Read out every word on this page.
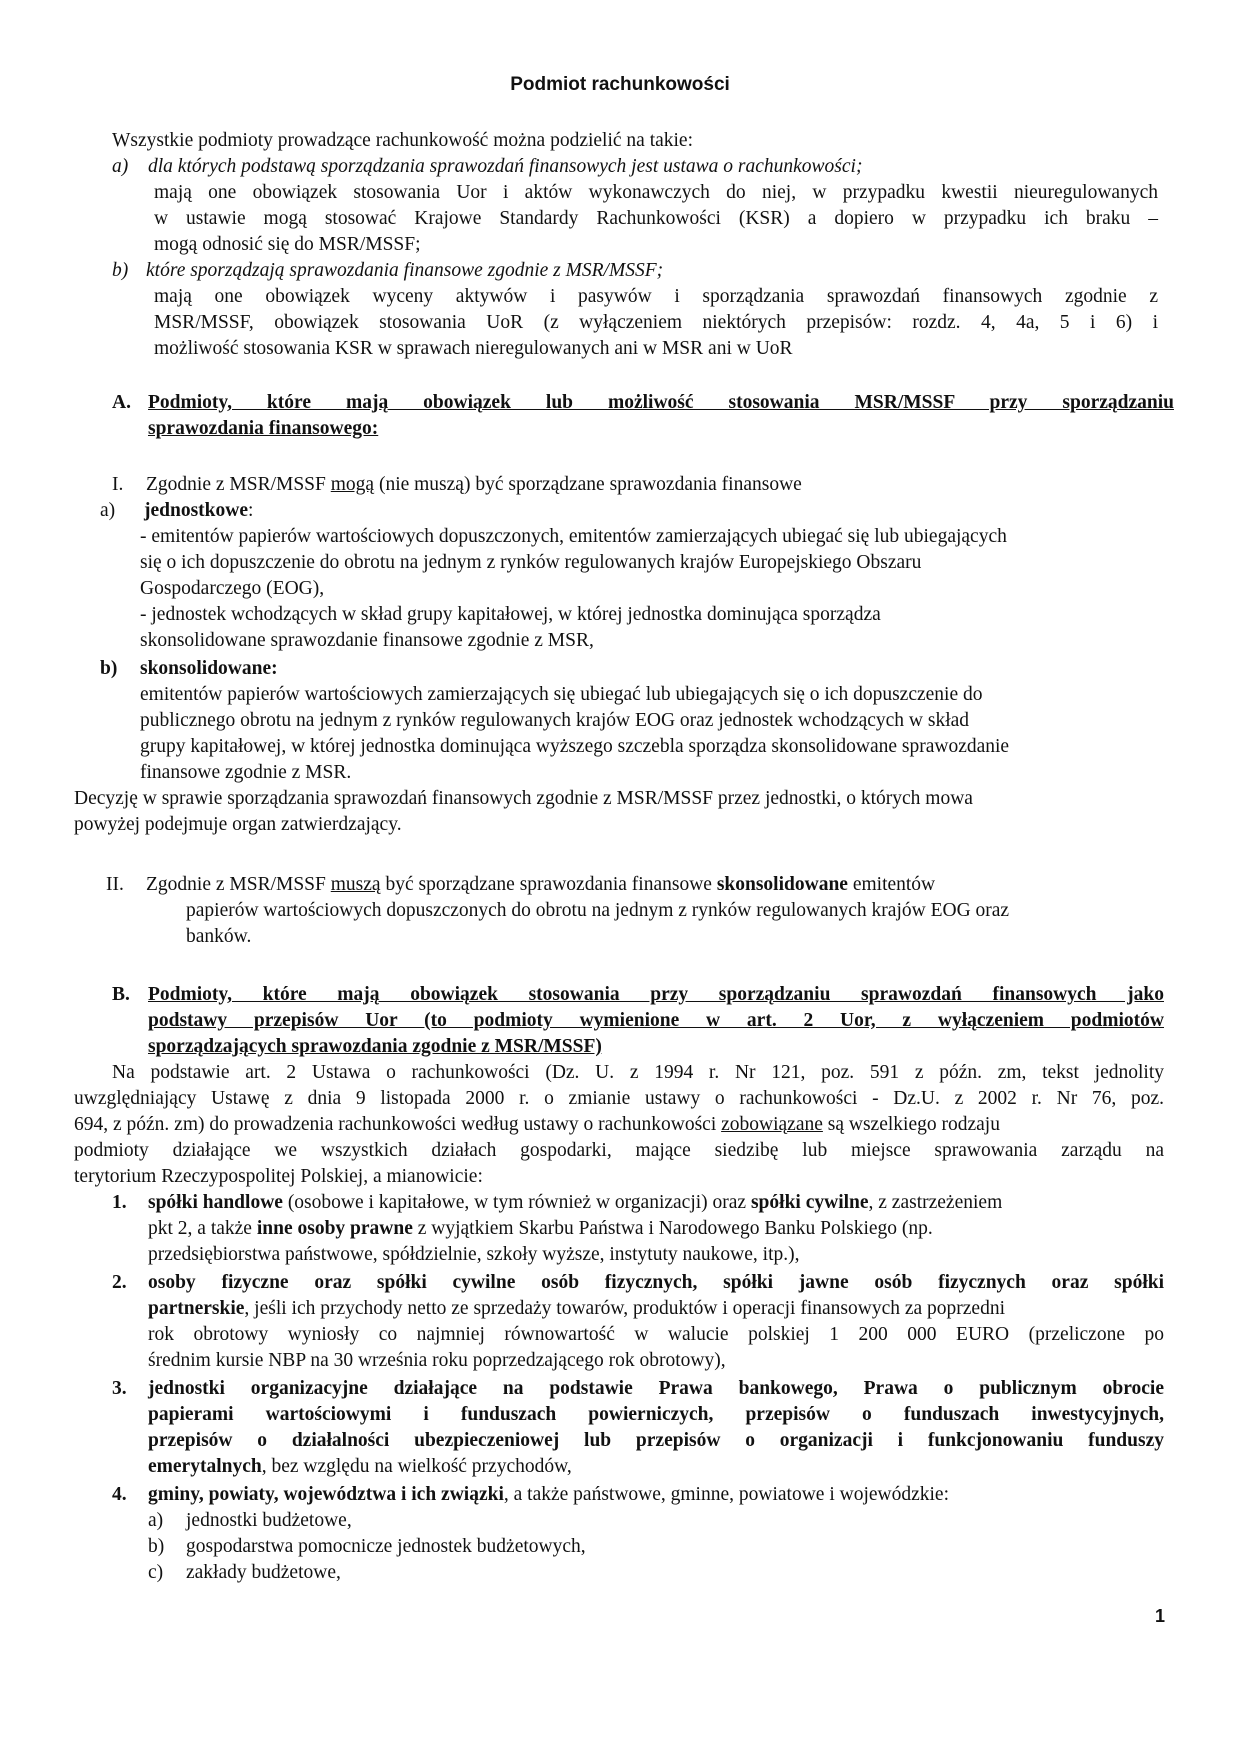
Podmiot rachunkowości
Wszystkie podmioty prowadzące rachunkowość można podzielić na takie:
a) dla których podstawą sporządzania sprawozdań finansowych jest ustawa o rachunkowości;
mają one obowiązek stosowania Uor i aktów wykonawczych do niej, w przypadku kwestii nieuregulowanych
w ustawie mogą stosować Krajowe Standardy Rachunkowości (KSR) a dopiero w przypadku ich braku –
mogą odnosić się do MSR/MSSF;
b) które sporządzają sprawozdania finansowe zgodnie z MSR/MSSF;
mają one obowiązek wyceny aktywów i pasywów i sporządzania sprawozdań finansowych zgodnie z
MSR/MSSF, obowiązek stosowania UoR (z wyłączeniem niektórych przepisów: rozdz. 4, 4a, 5 i 6) i
możliwość stosowania KSR w sprawach nieregulowanych ani w MSR ani w UoR
A. Podmioty, które mają obowiązek lub możliwość stosowania MSR/MSSF przy sporządzaniu
sprawozdania finansowego:
I. Zgodnie z MSR/MSSF mogą (nie muszą) być sporządzane sprawozdania finansowe
a) jednostkowe:
- emitentów papierów wartościowych dopuszczonych, emitentów zamierzających ubiegać się lub ubiegających
się o ich dopuszczenie do obrotu na jednym z rynków regulowanych krajów Europejskiego Obszaru
Gospodarczego (EOG),
- jednostek wchodzących w skład grupy kapitałowej, w której jednostka dominująca sporządza
skonsolidowane sprawozdanie finansowe zgodnie z MSR,
b) skonsolidowane:
emitentów papierów wartościowych zamierzających się ubiegać lub ubiegających się o ich dopuszczenie do
publicznego obrotu na jednym z rynków regulowanych krajów EOG oraz jednostek wchodzących w skład
grupy kapitałowej, w której jednostka dominująca wyższego szczebla sporządza skonsolidowane sprawozdanie
finansowe zgodnie z MSR.
Decyzję w sprawie sporządzania sprawozdań finansowych zgodnie z MSR/MSSF przez jednostki, o których mowa
powyżej podejmuje organ zatwierdzający.
II. Zgodnie z MSR/MSSF muszą być sporządzane sprawozdania finansowe skonsolidowane emitentów
papierów wartościowych dopuszczonych do obrotu na jednym z rynków regulowanych krajów EOG oraz
banków.
B. Podmioty, które mają obowiązek stosowania przy sporządzaniu sprawozdań finansowych jako
podstawy przepisów Uor (to podmioty wymienione w art. 2 Uor, z wyłączeniem podmiotów
sporządzających sprawozdania zgodnie z MSR/MSSF)
Na podstawie art. 2 Ustawa o rachunkowości (Dz. U. z 1994 r. Nr 121, poz. 591 z późn. zm, tekst jednolity
uwzględniający Ustawę z dnia 9 listopada 2000 r. o zmianie ustawy o rachunkowości - Dz.U. z 2002 r. Nr 76, poz.
694, z późn. zm) do prowadzenia rachunkowości według ustawy o rachunkowości zobowiązane są wszelkiego rodzaju
podmioty działające we wszystkich działach gospodarki, mające siedzibę lub miejsce sprawowania zarządu na
terytorium Rzeczypospolitej Polskiej, a mianowicie:
1. spółki handlowe (osobowe i kapitałowe, w tym również w organizacji) oraz spółki cywilne, z zastrzeżeniem
pkt 2, a także inne osoby prawne z wyjątkiem Skarbu Państwa i Narodowego Banku Polskiego (np.
przedsiębiorstwa państwowe, spółdzielnie, szkoły wyższe, instytuty naukowe, itp.),
2. osoby fizyczne oraz spółki cywilne osób fizycznych, spółki jawne osób fizycznych oraz spółki
partnerskie, jeśli ich przychody netto ze sprzedaży towarów, produktów i operacji finansowych za poprzedni
rok obrotowy wyniosły co najmniej równowartość w walucie polskiej 1 200 000 EURO (przeliczone po
średnim kursie NBP na 30 września roku poprzedzającego rok obrotowy),
3. jednostki organizacyjne działające na podstawie Prawa bankowego, Prawa o publicznym obrocie
papierami wartościowymi i funduszach powierniczych, przepisów o funduszach inwestycyjnych,
przepisów o działalności ubezpieczeniowej lub przepisów o organizacji i funkcjonowaniu funduszy
emerytalnych, bez względu na wielkość przychodów,
4. gminy, powiaty, województwa i ich związki, a także państwowe, gminne, powiatowe i wojewódzkie:
a) jednostki budżetowe,
b) gospodarstwa pomocnicze jednostek budżetowych,
c) zakłady budżetowe,
1
